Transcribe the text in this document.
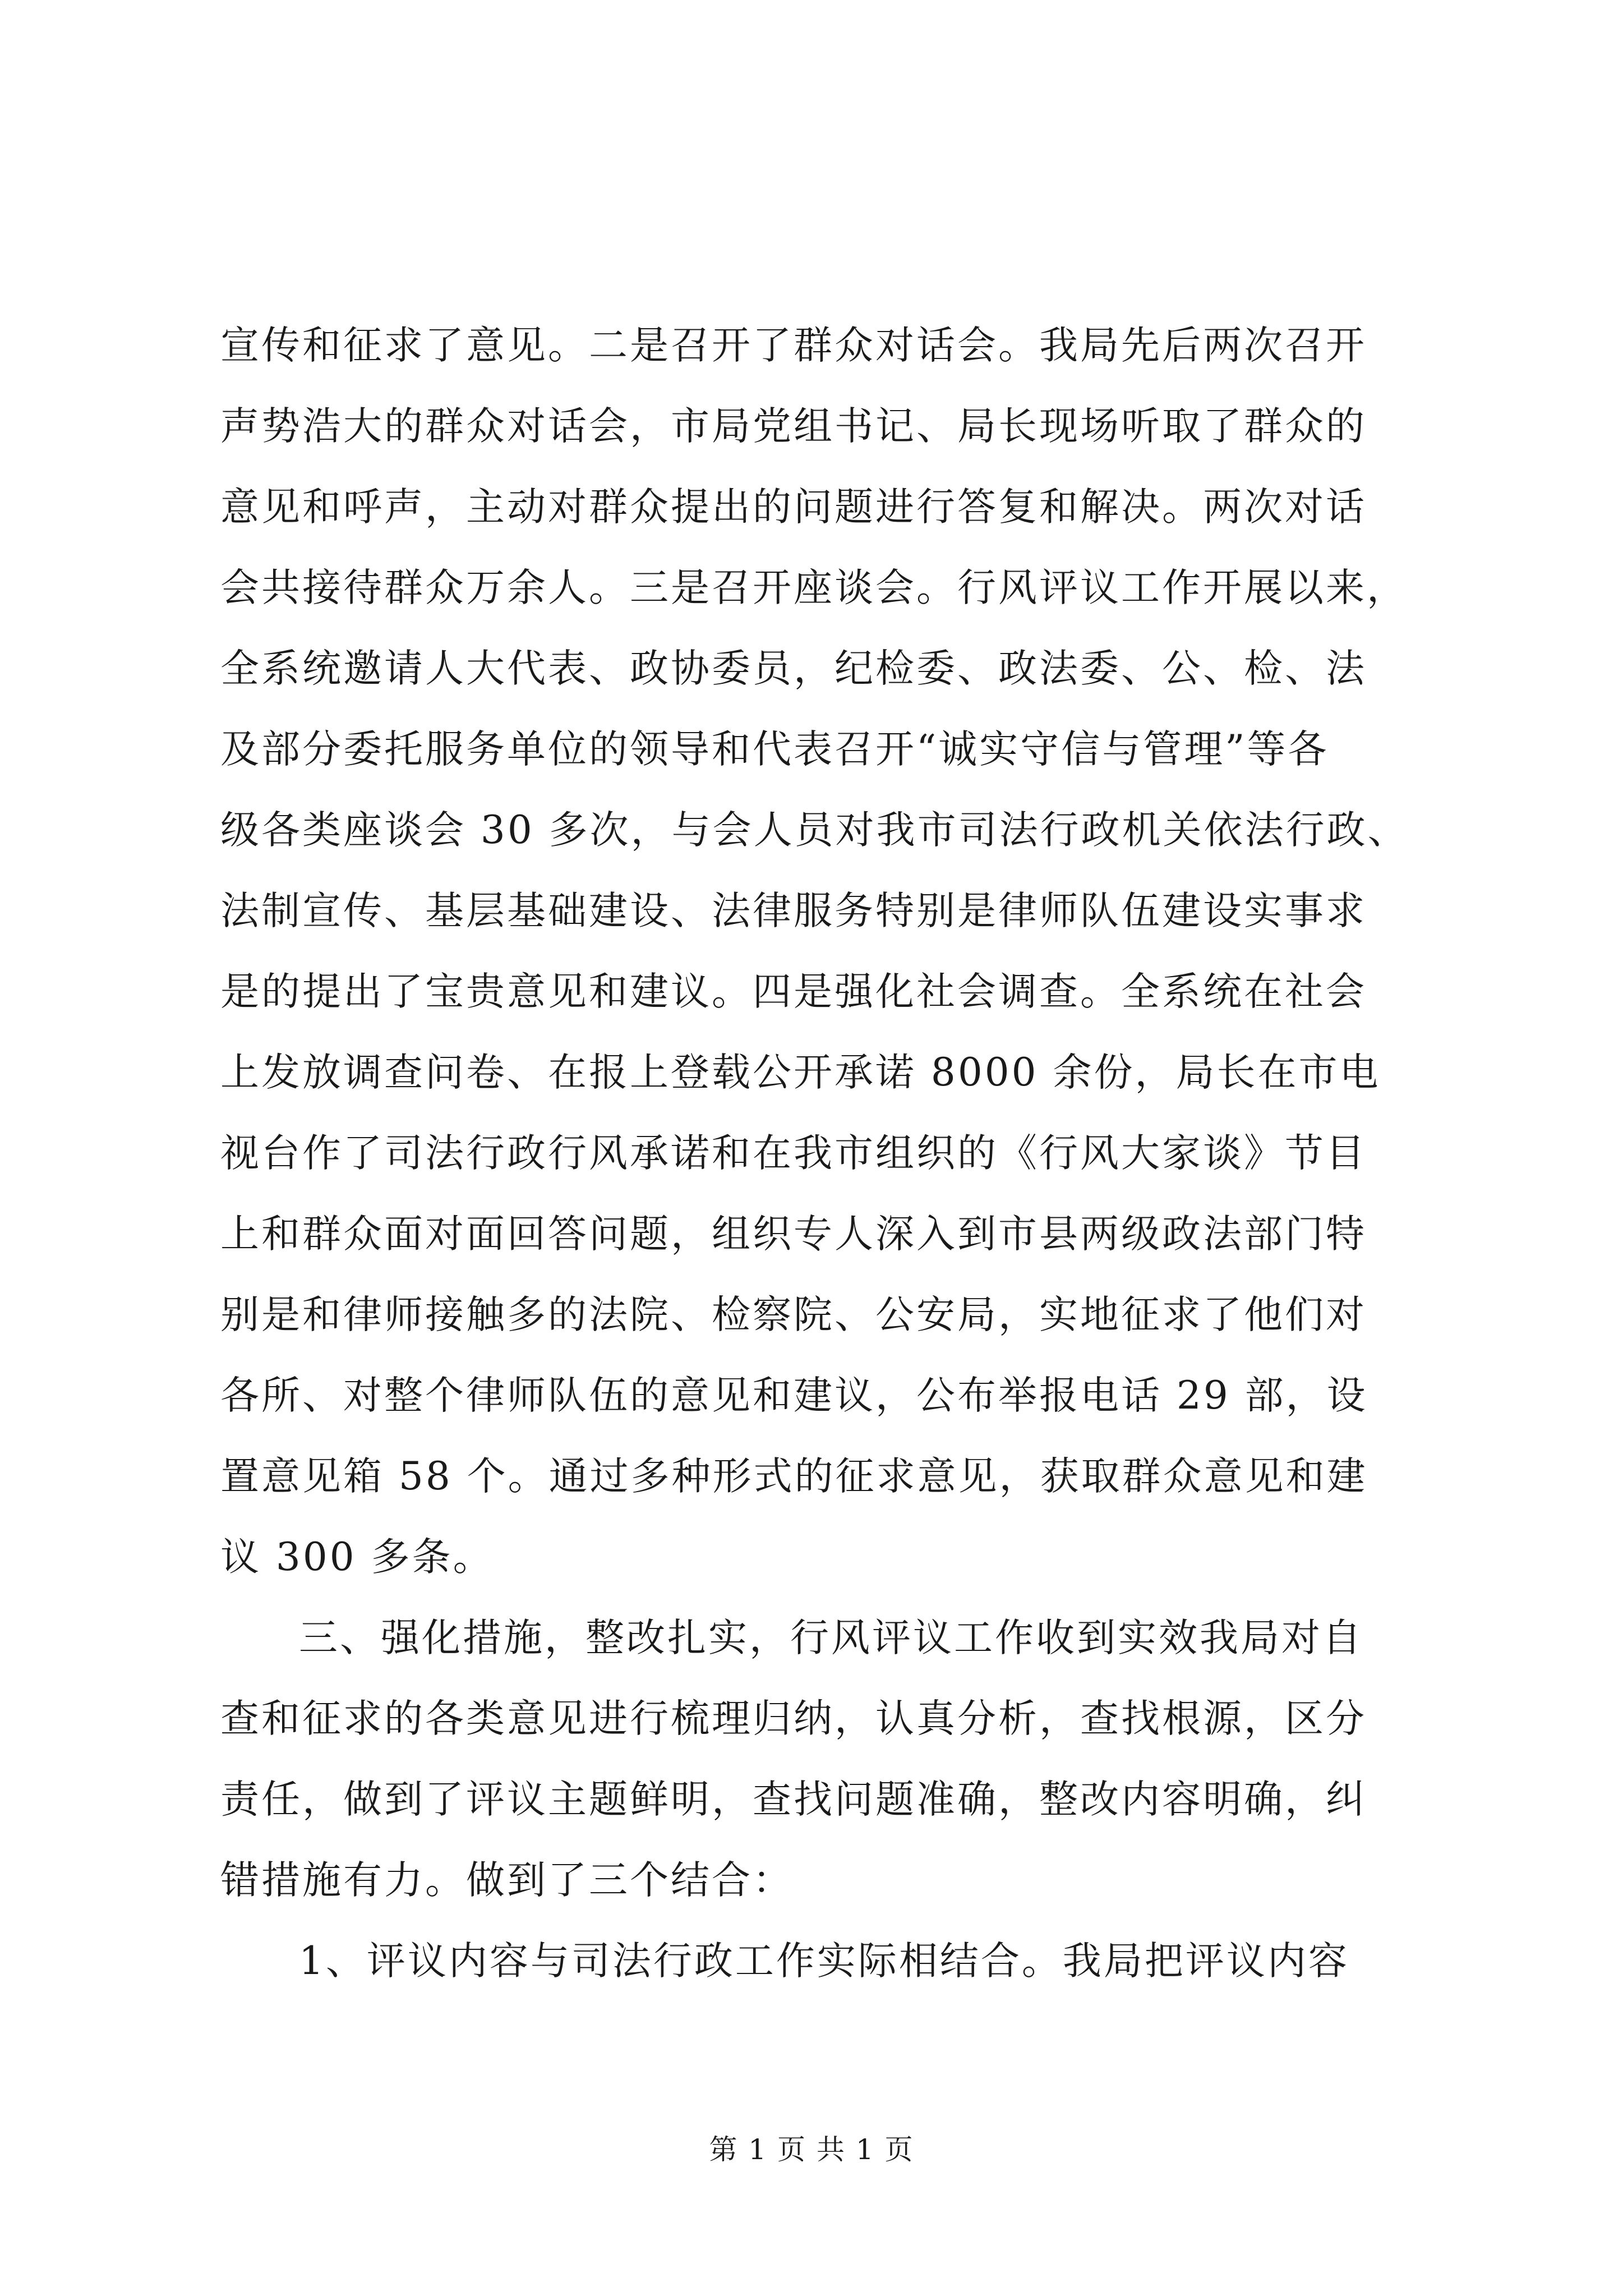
宣传和征求了意见。二是召开了群众对话会。我局先后两次召开
声势浩大的群众对话会，市局党组书记、局长现场听取了群众的
意见和呼声，主动对群众提出的问题进行答复和解决。两次对话
会共接待群众万余人。三是召开座谈会。行风评议工作开展以来，
全系统邀请人大代表、政协委员，纪检委、政法委、公、检、法
及部分委托服务单位的领导和代表召开“诚实守信与管理”等各
级各类座谈会 30 多次，与会人员对我市司法行政机关依法行政、
法制宣传、基层基础建设、法律服务特别是律师队伍建设实事求
是的提出了宝贵意见和建议。四是强化社会调查。全系统在社会
上发放调查问卷、在报上登载公开承诺 8000 余份，局长在市电
视台作了司法行政行风承诺和在我市组织的《行风大家谈》节目
上和群众面对面回答问题，组织专人深入到市县两级政法部门特
别是和律师接触多的法院、检察院、公安局，实地征求了他们对
各所、对整个律师队伍的意见和建议，公布举报电话 29 部，设
置意见箱 58 个。通过多种形式的征求意见，获取群众意见和建
议 300 多条。
三、强化措施，整改扎实，行风评议工作收到实效我局对自
查和征求的各类意见进行梳理归纳，认真分析，查找根源，区分
责任，做到了评议主题鲜明，查找问题准确，整改内容明确，纠
错措施有力。做到了三个结合：
1、评议内容与司法行政工作实际相结合。我局把评议内容
第 1 页 共 1 页
